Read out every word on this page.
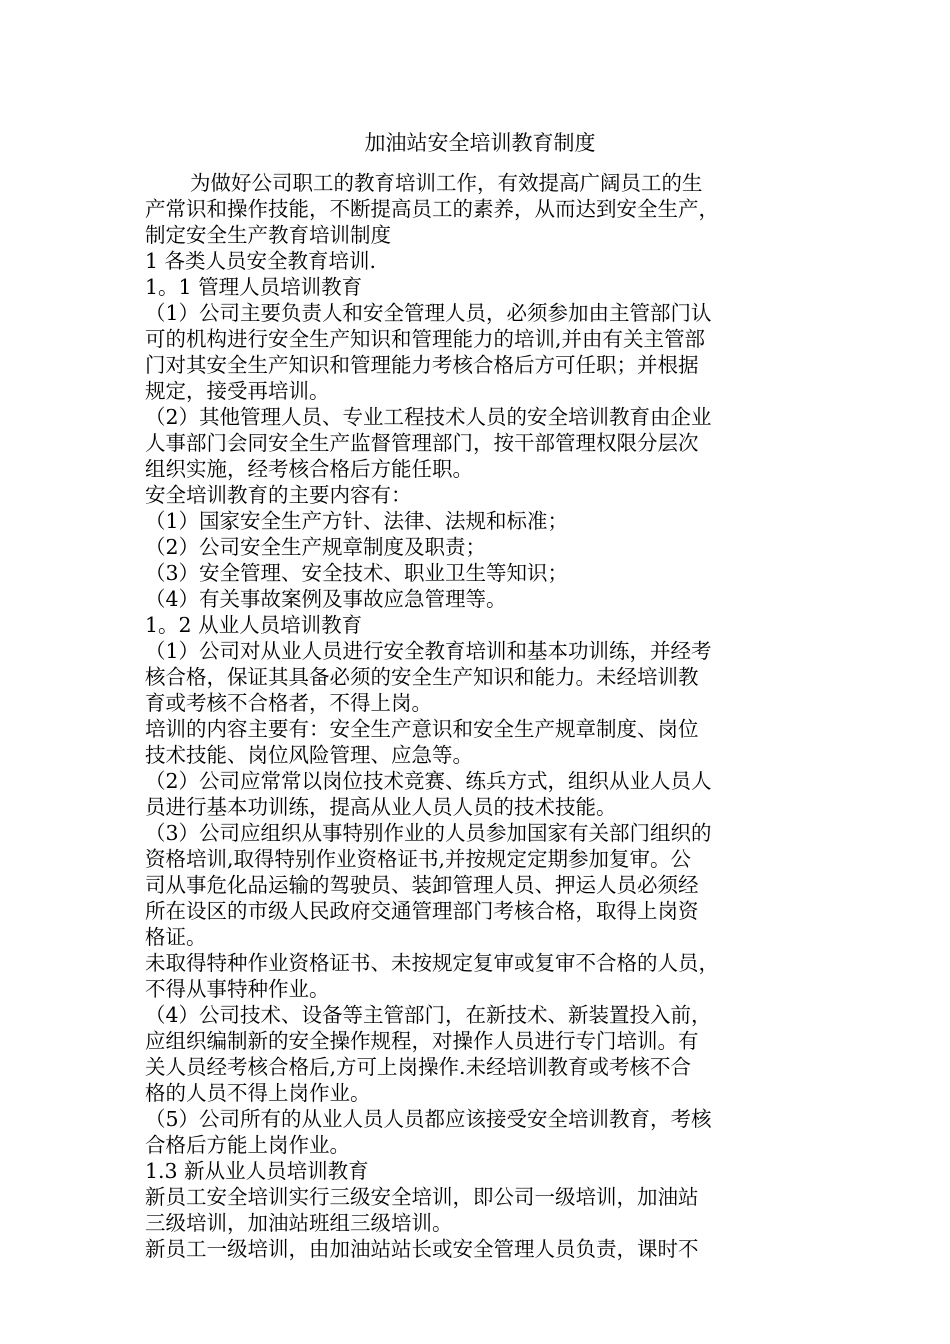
加油站安全培训教育制度

为做好公司职工的教育培训工作，有效提高广阔员工的生

产常识和操作技能，不断提高员工的素养，从而达到安全生产，

制定安全生产教育培训制度

1 各类人员安全教育培训.

1。1 管理人员培训教育

（1）公司主要负责人和安全管理人员，必须参加由主管部门认

可的机构进行安全生产知识和管理能力的培训,并由有关主管部

门对其安全生产知识和管理能力考核合格后方可任职；并根据

规定，接受再培训。

（2）其他管理人员、专业工程技术人员的安全培训教育由企业

人事部门会同安全生产监督管理部门，按干部管理权限分层次

组织实施，经考核合格后方能任职。

安全培训教育的主要内容有：

（1）国家安全生产方针、法律、法规和标准；

（2）公司安全生产规章制度及职责；

（3）安全管理、安全技术、职业卫生等知识；

（4）有关事故案例及事故应急管理等。

1。2 从业人员培训教育

（1）公司对从业人员进行安全教育培训和基本功训练，并经考

核合格，保证其具备必须的安全生产知识和能力。未经培训教

育或考核不合格者，不得上岗。

培训的内容主要有：安全生产意识和安全生产规章制度、岗位

技术技能、岗位风险管理、应急等。

（2）公司应常常以岗位技术竞赛、练兵方式，组织从业人员人

员进行基本功训练，提高从业人员人员的技术技能。

（3）公司应组织从事特别作业的人员参加国家有关部门组织的

资格培训,取得特别作业资格证书,并按规定定期参加复审。公

司从事危化品运输的驾驶员、装卸管理人员、押运人员必须经

所在设区的市级人民政府交通管理部门考核合格，取得上岗资

格证。

未取得特种作业资格证书、未按规定复审或复审不合格的人员，

不得从事特种作业。

（4）公司技术、设备等主管部门，在新技术、新装置投入前，

应组织编制新的安全操作规程，对操作人员进行专门培训。有

关人员经考核合格后,方可上岗操作.未经培训教育或考核不合

格的人员不得上岗作业。

（5）公司所有的从业人员人员都应该接受安全培训教育，考核

合格后方能上岗作业。

1.3 新从业人员培训教育

新员工安全培训实行三级安全培训，即公司一级培训，加油站

三级培训，加油站班组三级培训。

新员工一级培训，由加油站站长或安全管理人员负责，课时不
